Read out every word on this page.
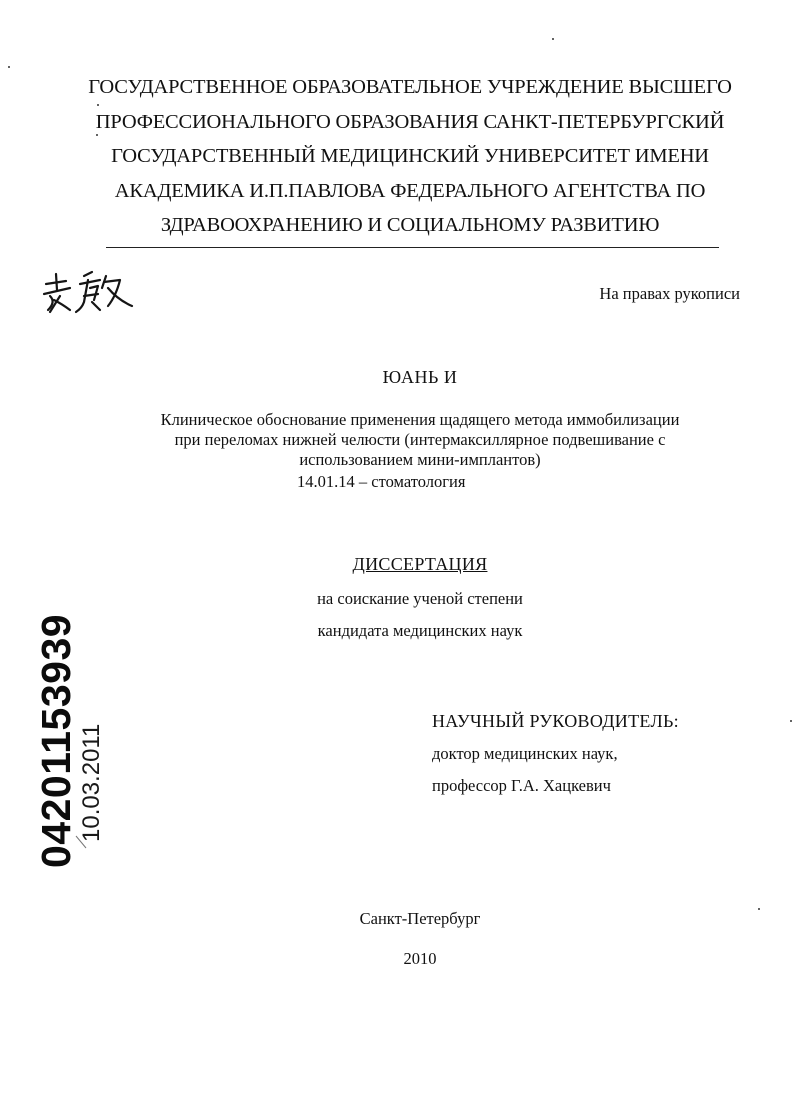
ГОСУДАРСТВЕННОЕ ОБРАЗОВАТЕЛЬНОЕ УЧРЕЖДЕНИЕ ВЫСШЕГО
ПРОФЕССИОНАЛЬНОГО ОБРАЗОВАНИЯ САНКТ-ПЕТЕРБУРГСКИЙ
ГОСУДАРСТВЕННЫЙ МЕДИЦИНСКИЙ УНИВЕРСИТЕТ ИМЕНИ
АКАДЕМИКА И.П.ПАВЛОВА ФЕДЕРАЛЬНОГО АГЕНТСТВА ПО
ЗДРАВООХРАНЕНИЮ И СОЦИАЛЬНОМУ РАЗВИТИЮ
На правах рукописи
ЮАНЬ И
Клиническое обоснование применения щадящего метода иммобилизации
при переломах нижней челюсти (интермаксиллярное подвешивание с
использованием мини-имплантов)
14.01.14 – стоматология
ДИССЕРТАЦИЯ
на соискание ученой степени
кандидата медицинских наук
НАУЧНЫЙ РУКОВОДИТЕЛЬ:
доктор медицинских наук,
профессор Г.А. Хацкевич
Санкт-Петербург
2010
04201153939 10.03.2011
